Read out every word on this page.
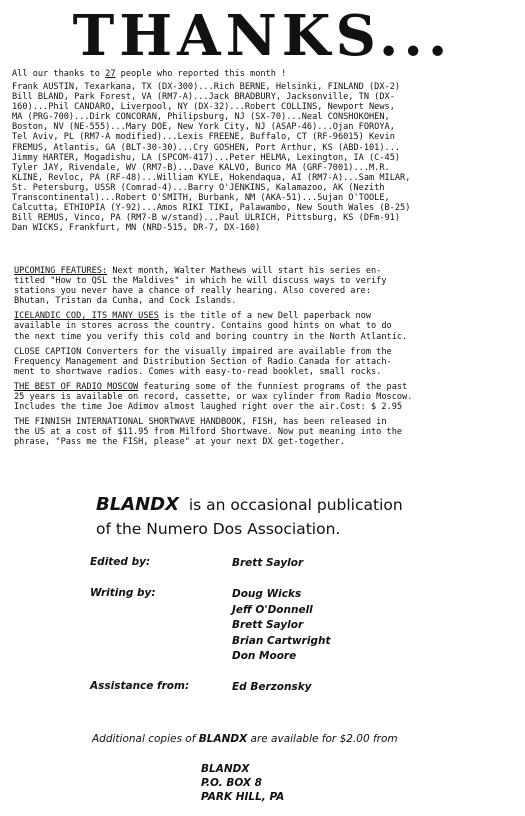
THANKS...
All our thanks to 27 people who reported this month !
Frank AUSTIN, Texarkana, TX (DX-300)...Rich BERNE, Helsinki, FINLAND (DX-2)
Bill BLAND, Park Forest, VA (RM7-A)...Jack BRADBURY, Jacksonville, TN (DX-
160)...Phil CANDARO, Liverpool, NY (DX-32)...Robert COLLINS, Newport News,
MA (PRG-700)...Dirk CONCORAN, Philipsburg, NJ (SX-70)...Neal CONSHOKOHEN,
Boston, NV (NE-555)...Mary DOE, New York City, NJ (ASAP-46)...Ojan FOROYA,
Tel Aviv, PL (RM7-A modified)...Lexis FREENE, Buffalo, CT (RF-96015) Kevin
FREMUS, Atlantis, GA (BLT-30-30)...Cry GOSHEN, Port Arthur, KS (ABD-101)...
Jimmy HARTER, Mogadishu, LA (SPCOM-417)...Peter HELMA, Lexington, IA (C-45)
Tyler JAY, Rivendale, WV (RM7-B)...Dave KALVO, Bunco MA (GRF-7001)...M.R.
KLINE, Revloc, PA (RF-48)...William KYLE, Hokendaqua, AI (RM7-A)...Sam MILAR,
St. Petersburg, USSR (Comrad-4)...Barry O'JENKINS, Kalamazoo, AK (Nezith
Transcontinental)...Robert O'SMITH, Burbank, NM (AKA-51)...Sujan O'TOOLE,
Calcutta, ETHIOPIA (Y-92)...Amos RIKI TIKI, Palawambo, New South Wales (B-25)
Bill REMUS, Vinco, PA (RM7-B w/stand)...Paul ULRICH, Pittsburg, KS (DFm-91)
Dan WICKS, Frankfurt, MN (NRD-515, DR-7, DX-160)
UPCOMING FEATURES: Next month, Walter Mathews will start his series en-
titled "How to QSL the Maldives" in which he will discuss ways to verify
stations you never have a chance of really hearing. Also covered are:
Bhutan, Tristan da Cunha, and Cock Islands.
ICELANDIC COD, ITS MANY USES is the title of a new Dell paperback now
available in stores across the country. Contains good hints on what to do
the next time you verify this cold and boring country in the North Atlantic.
CLOSE CAPTION Converters for the visually impaired are available from the
Frequency Management and Distribution Section of Radio Canada for attach-
ment to shortwave radios. Comes with easy-to-read booklet, small rocks.
THE BEST OF RADIO MOSCOW featuring some of the funniest programs of the past
25 years is available on record, cassette, or wax cylinder from Radio Moscow.
Includes the time Joe Adimov almost laughed right over the air.Cost: $ 2.95
THE FINNISH INTERNATIONAL SHORTWAVE HANDBOOK, FISH, has been released in
the US at a cost of $11.95 from Milford Shortwave. Now put meaning into the
phrase, "Pass me the FISH, please" at your next DX get-together.
BLANDX  is an occasional publication
of the Numero Dos Association.
Edited by:	Brett Saylor
Writing by:	Doug Wicks
Jeff O'Donnell
Brett Saylor
Brian Cartwright
Don Moore
Assistance from:	Ed Berzonsky
Additional copies of BLANDX are available for $2.00 from
BLANDX
P.O. BOX 8
PARK HILL, PA
